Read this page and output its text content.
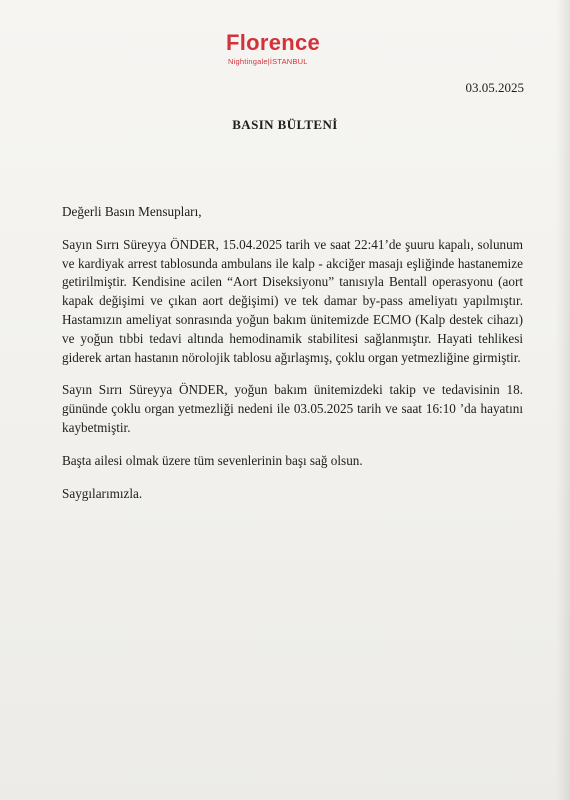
Florence
Nightingale|İSTANBUL
03.05.2025
BASIN BÜLTENİ

Değerli Basın Mensupları,

Sayın Sırrı Süreyya ÖNDER, 15.04.2025 tarih ve saat 22:41’de şuuru kapalı, solunum ve kardiyak arrest tablosunda ambulans ile kalp - akciğer masajı eşliğinde hastanemize getirilmiştir. Kendisine acilen “Aort Diseksiyonu” tanısıyla Bentall operasyonu (aort kapak değişimi ve çıkan aort değişimi) ve tek damar by-pass ameliyatı yapılmıştır. Hastamızın ameliyat sonrasında yoğun bakım ünitemizde ECMO (Kalp destek cihazı) ve yoğun tıbbi tedavi altında hemodinamik stabilitesi sağlanmıştır. Hayati tehlikesi giderek artan hastanın nörolojik tablosu ağırlaşmış, çoklu organ yetmezliğine girmiştir.

Sayın Sırrı Süreyya ÖNDER, yoğun bakım ünitemizdeki takip ve tedavisinin 18. gününde çoklu organ yetmezliği nedeni ile 03.05.2025 tarih ve saat 16:10 ’da hayatını kaybetmiştir.

Başta ailesi olmak üzere tüm sevenlerinin başı sağ olsun.

Saygılarımızla.
